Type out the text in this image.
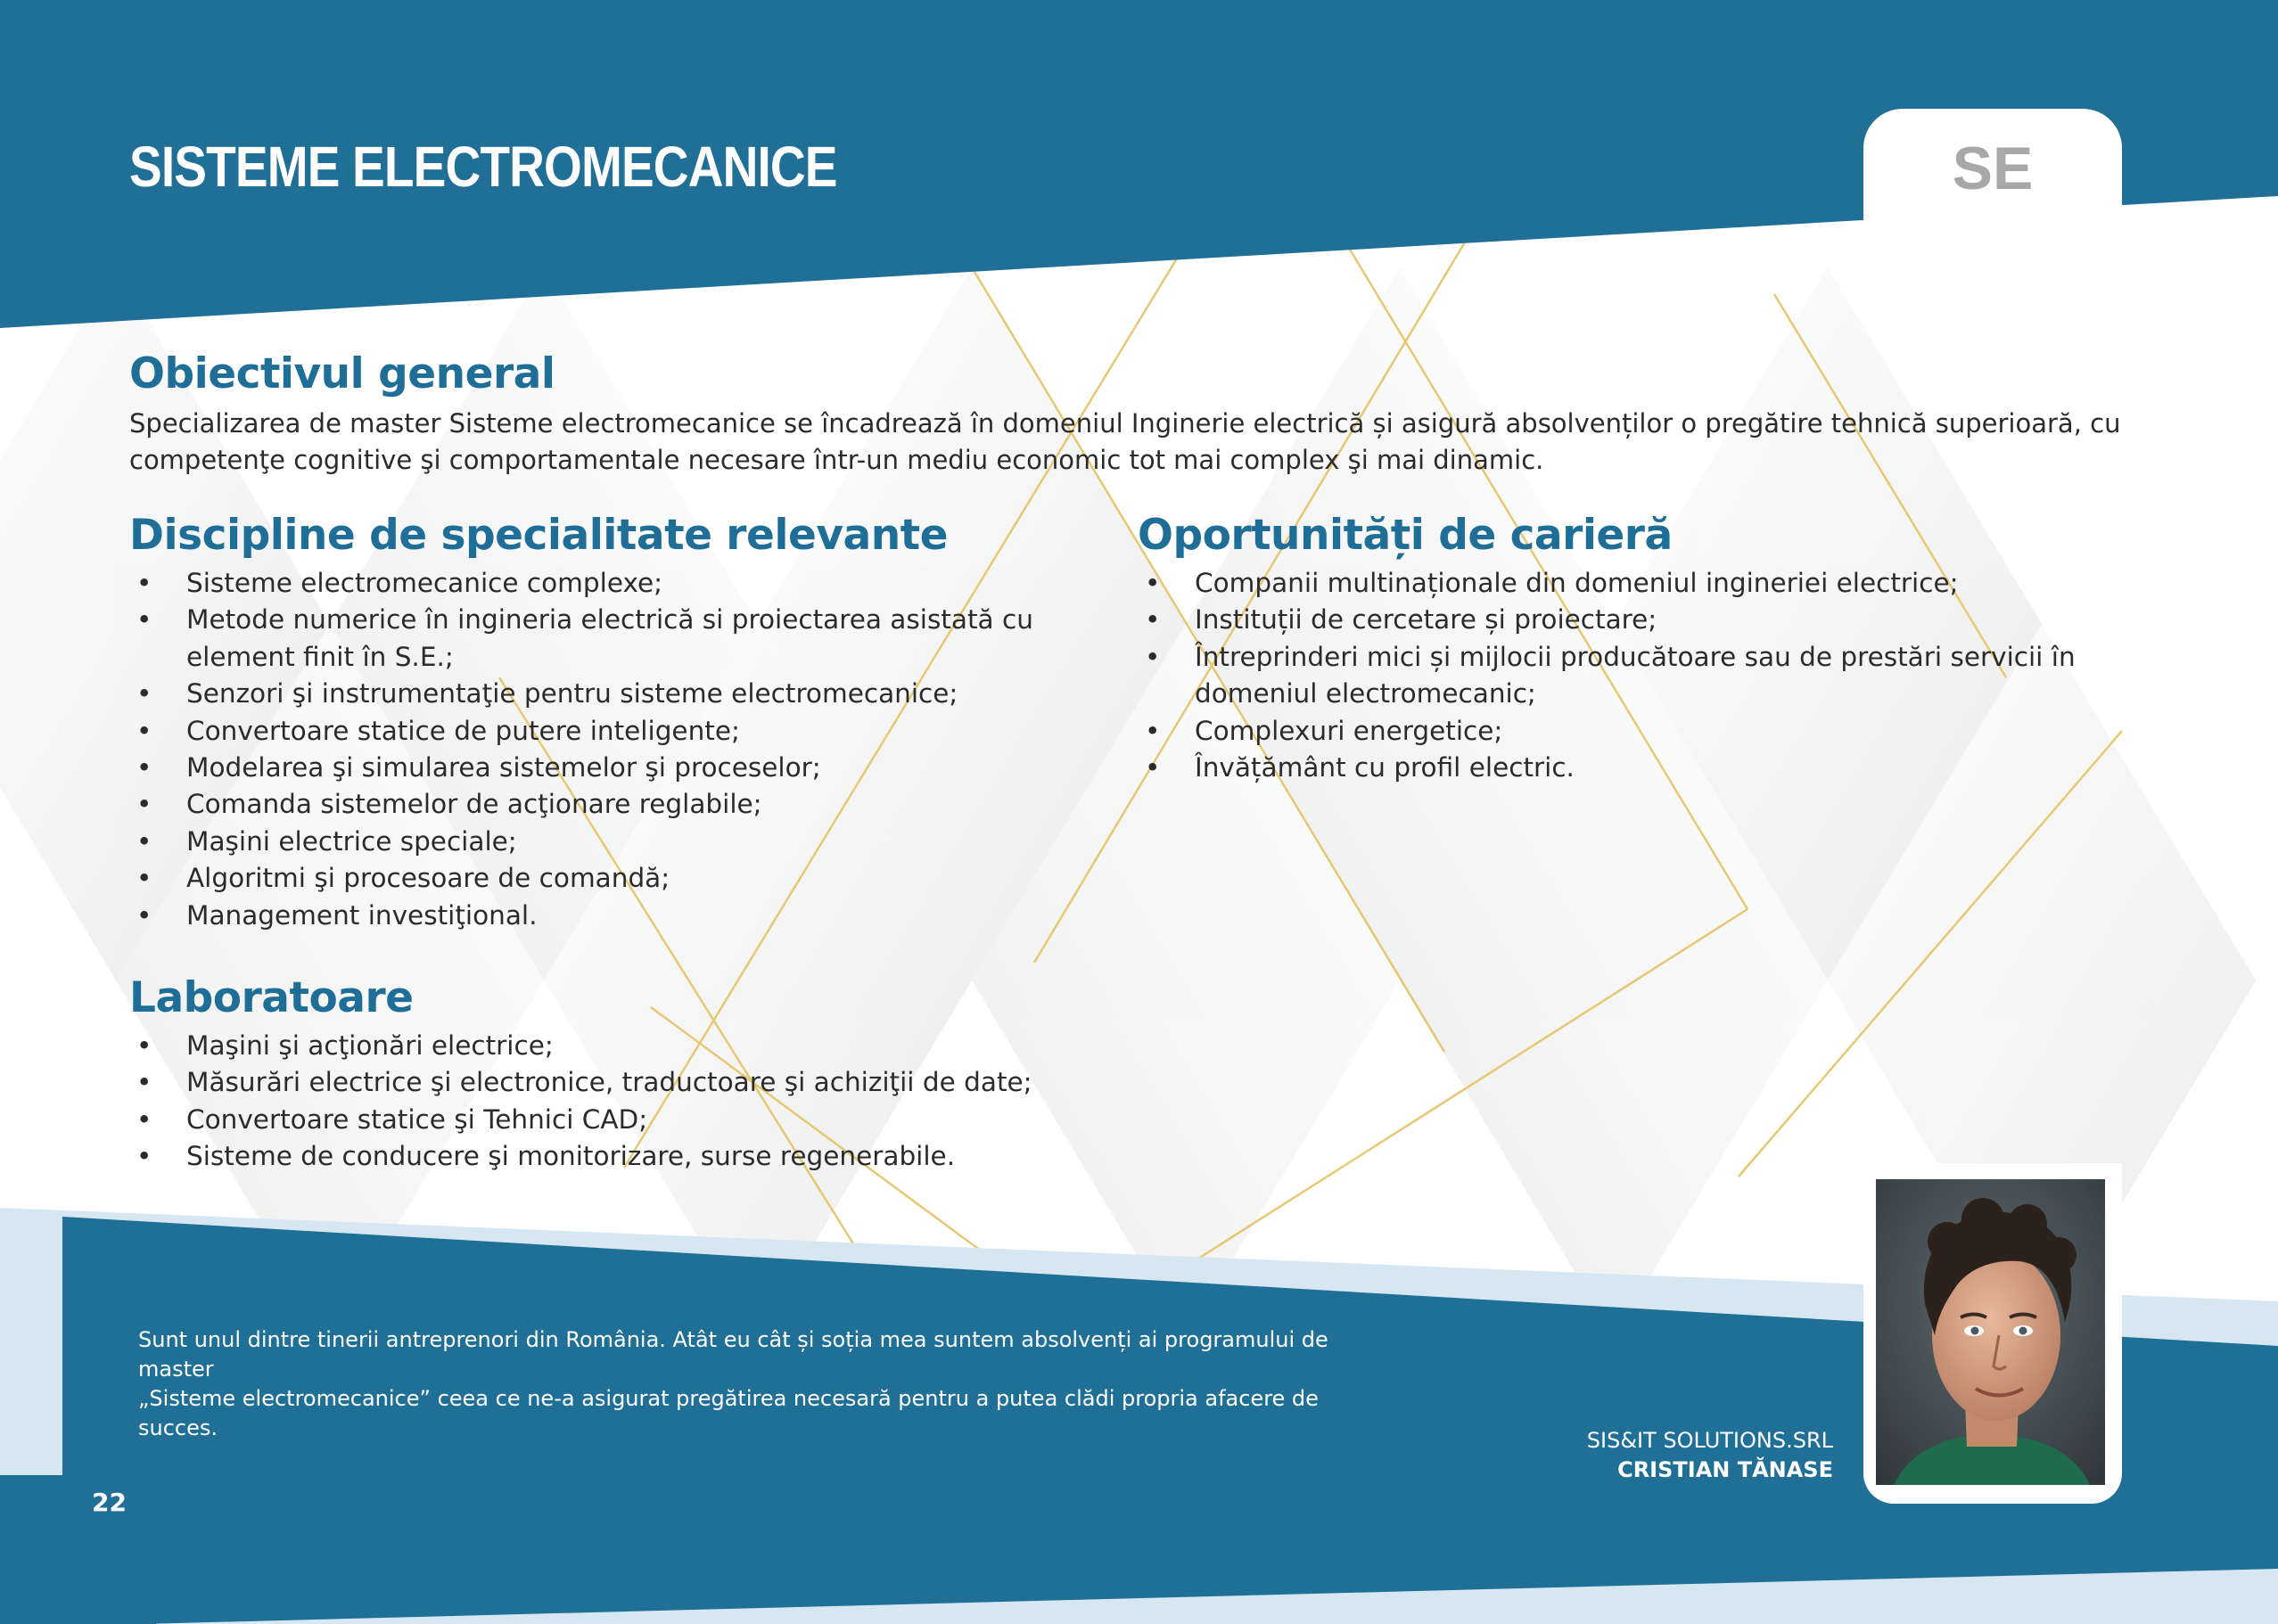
SISTEME ELECTROMECANICE	SE

Obiectivul general

Specializarea de master Sisteme electromecanice se încadrează în domeniul Inginerie electrică și asigură absolvenților o pregătire tehnică superioară, cu

competenţe cognitive şi comportamentale necesare într-un mediu economic tot mai complex şi mai dinamic.

Discipline de specialitate relevante
• Sisteme electromecanice complexe;
• Metode numerice în ingineria electrică si proiectarea asistată cu element finit în S.E.;
• Senzori şi instrumentaţie pentru sisteme electromecanice;
• Convertoare statice de putere inteligente;
• Modelarea şi simularea sistemelor şi proceselor;
• Comanda sistemelor de acţionare reglabile;
• Maşini electrice speciale;
• Algoritmi şi procesoare de comandă;
• Management investiţional.
Oportunități de carieră
• Companii multinaționale din domeniul ingineriei electrice;
• Instituții de cercetare și proiectare;
• Întreprinderi mici și mijlocii producătoare sau de prestări servicii în domeniul electromecanic;
• Complexuri energetice;
• Învățământ cu profil electric.
Laboratoare
• Maşini şi acţionări electrice;
• Măsurări electrice şi electronice, traductoare şi achiziţii de date;
• Convertoare statice şi Tehnici CAD;
• Sisteme de conducere şi monitorizare, surse regenerabile.
Sunt unul dintre tinerii antreprenori din România. Atât eu cât și soția mea suntem absolvenți ai programului de master
„Sisteme electromecanice” ceea ce ne-a asigurat pregătirea necesară pentru a putea clădi propria afacere de succes.	SIS&IT SOLUTIONS.SRL

CRISTIAN TĂNASE

22
